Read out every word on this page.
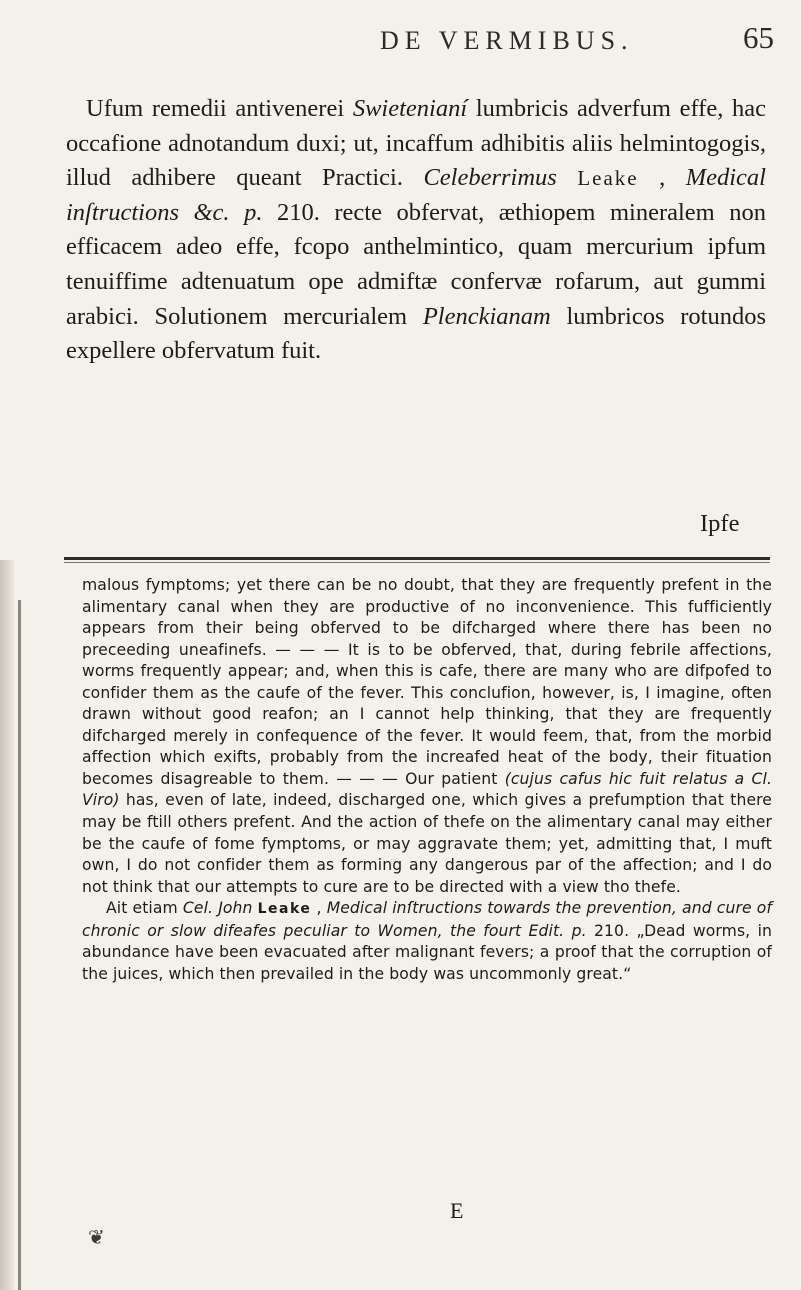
DE VERMIBUS.	65
Ufum remedii antivenerei Swietenianí lumbricis adverfum effe, hac occafione adnotandum duxi; ut, incaffum adhibitis aliis helmintogogis, illud adhibere queant Practici. Celeberrimus Leake , Medical inſtructions &c. p. 210. recte obfervat, æthiopem mineralem non efficacem adeo effe, fcopo anthelmintico, quam mercurium ipfum tenuiffime adtenuatum ope admiftæ confervæ rofarum, aut gummi arabici. Solutionem mercurialem Plenckianam lumbricos rotundos expellere obfervatum fuit.
Ipfe

malous fymptoms; yet there can be no doubt, that they are frequently prefent in the alimentary canal when they are productive of no inconvenience. This fufficiently appears from their being obferved to be difcharged where there has been no preceeding uneafinefs. — — — It is to be obferved, that, during febrile affections, worms frequently appear; and, when this is cafe, there are many who are difpofed to confider them as the caufe of the fever. This conclufion, however, is, I imagine, often drawn without good reafon; an I cannot help thinking, that they are frequently difcharged merely in confequence of the fever. It would feem, that, from the morbid affection which exifts, probably from the increafed heat of the body, their fituation becomes disagreable to them. — — — Our patient (cujus cafus hic fuit relatus a Cl. Viro) has, even of late, indeed, discharged one, which gives a prefumption that there may be ftill others prefent. And the action of thefe on the alimentary canal may either be the caufe of fome fymptoms, or may aggravate them; yet, admitting that, I muft own, I do not confider them as forming any dangerous par of the affection; and I do not think that our attempts to cure are to be directed with a view tho thefe.

Ait etiam Cel. John Leake , Medical inſtructions towards the prevention, and cure of chronic or slow difeafes peculiar to Women, the fourt Edit. p. 210. „Dead worms, in abundance have been evacuated after malignant fevers; a proof that the corruption of the juices, which then prevailed in the body was uncommonly great.“

E
❦
